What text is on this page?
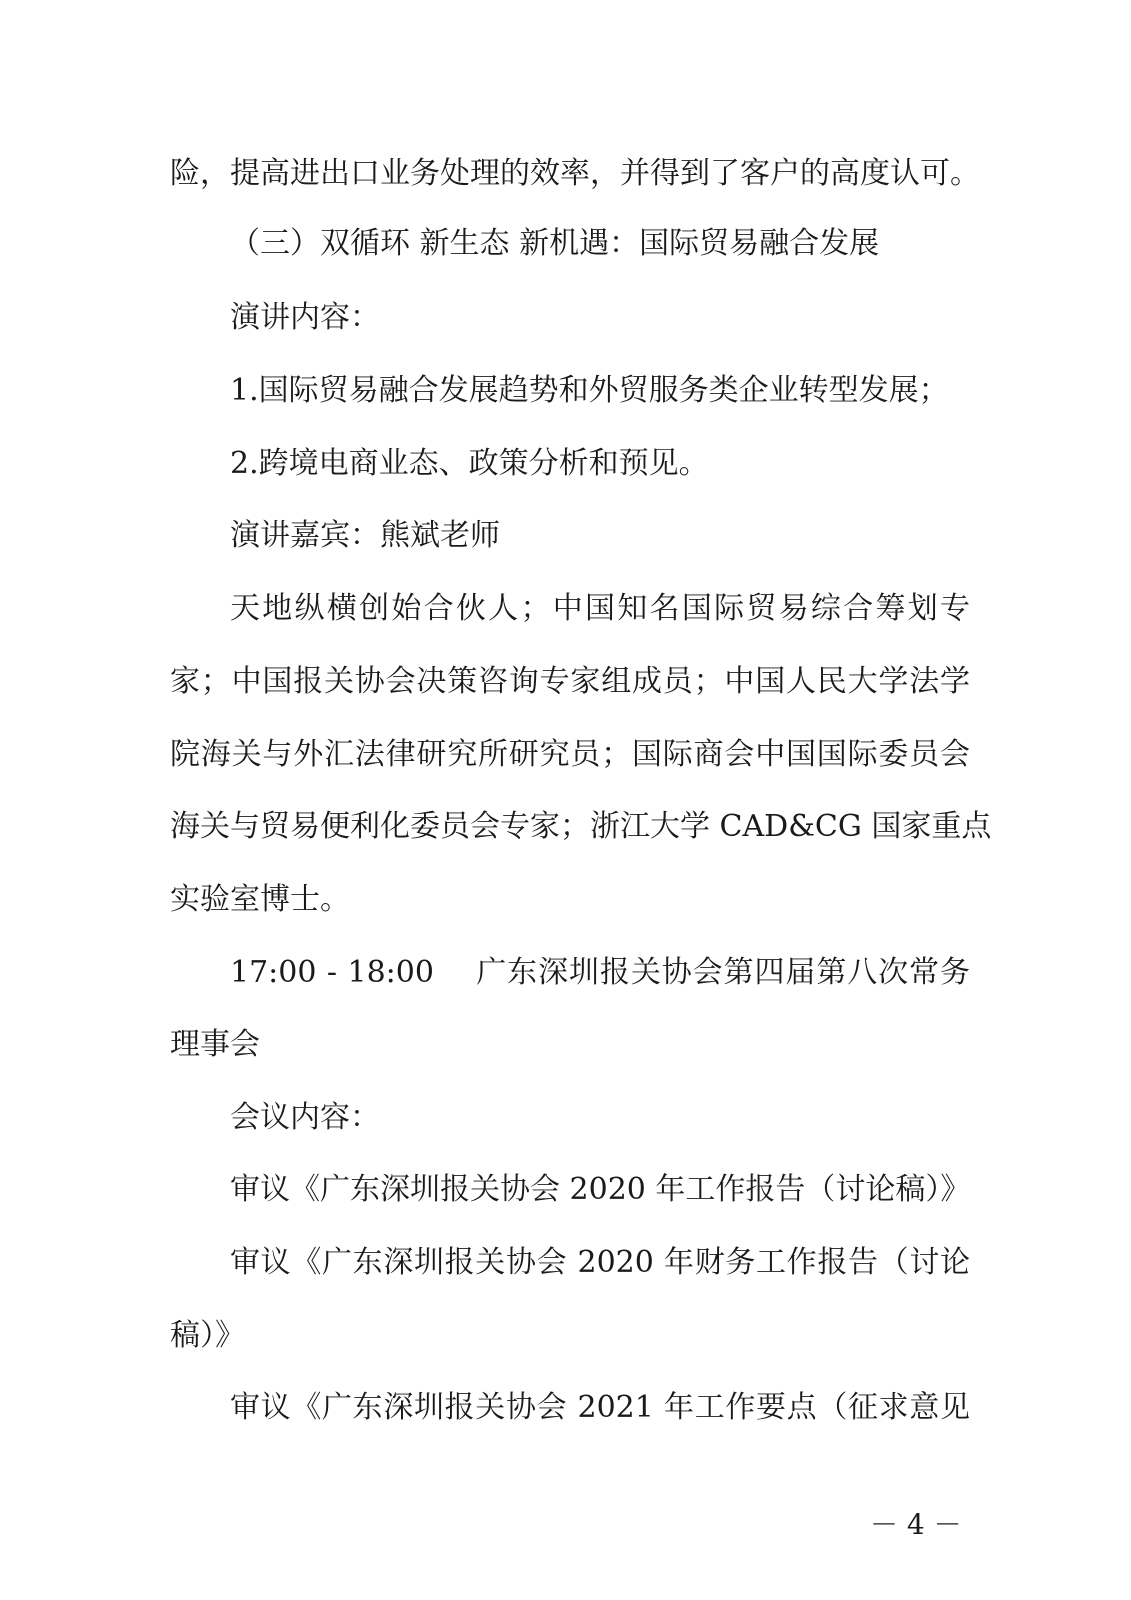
险，提高进出口业务处理的效率，并得到了客户的高度认可。

（三）双循环 新生态 新机遇：国际贸易融合发展

演讲内容：

1.国际贸易融合发展趋势和外贸服务类企业转型发展；

2.跨境电商业态、政策分析和预见。

演讲嘉宾：熊斌老师

天地纵横创始合伙人；中国知名国际贸易综合筹划专

家；中国报关协会决策咨询专家组成员；中国人民大学法学

院海关与外汇法律研究所研究员；国际商会中国国际委员会

海关与贸易便利化委员会专家；浙江大学 CAD&CG 国家重点

实验室博士。

17:00 - 18:00　 广东深圳报关协会第四届第八次常务

理事会

会议内容：

审议《广东深圳报关协会 2020 年工作报告（讨论稿）》

审议《广东深圳报关协会 2020 年财务工作报告（讨论

稿）》

审议《广东深圳报关协会 2021 年工作要点（征求意见

－ 4 －
